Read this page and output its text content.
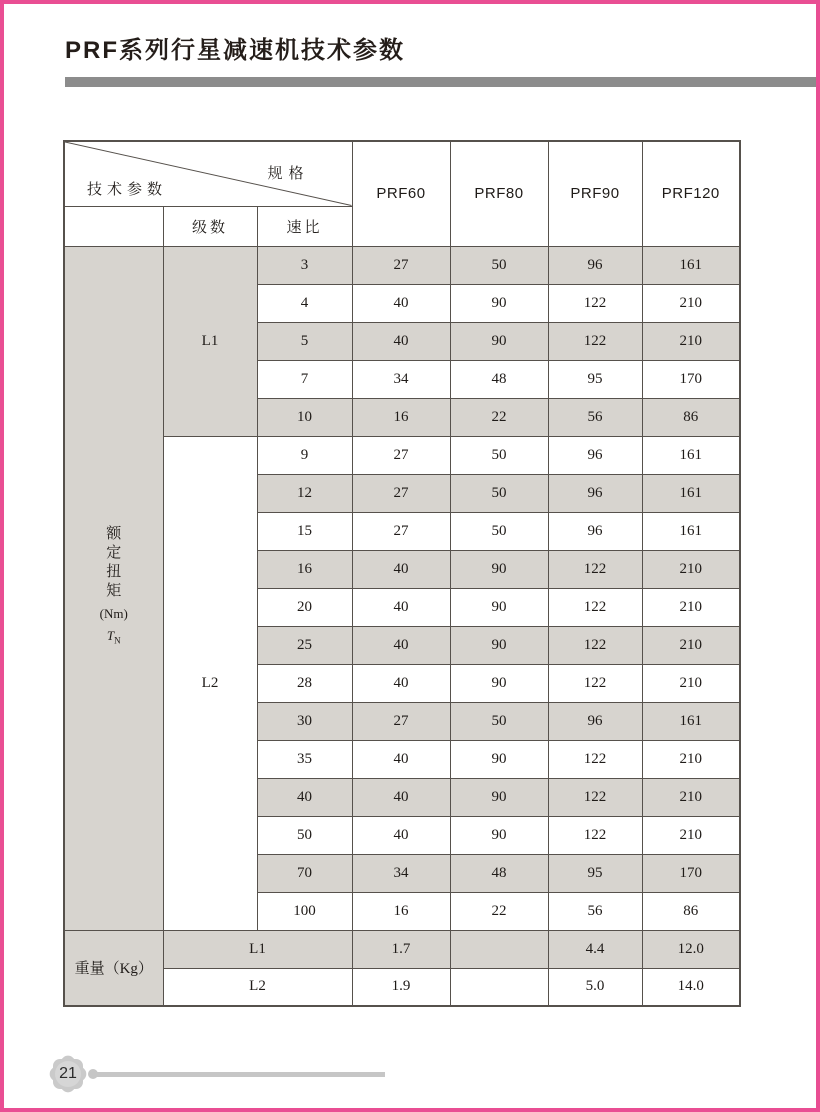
PRF系列行星减速机技术参数
规格
技术参数			PRF60	PRF80	PRF90	PRF120
	级数	速比				

额
定
扭
矩
(Nm)
$T_N$
	L1	3	27	50	96	161
		4	40	90	122	210
		5	40	90	122	210
		7	34	48	95	170
		10	16	22	56	86
	L2	9	27	50	96	161
		12	27	50	96	161
		15	27	50	96	161
		16	40	90	122	210
		20	40	90	122	210
		25	40	90	122	210
		28	40	90	122	210
		30	27	50	96	161
		35	40	90	122	210
		40	40	90	122	210
		50	40	90	122	210
		70	34	48	95	170
		100	16	22	56	86
重量（Kg）	L1		1.7		4.4	12.0
	L2		1.9		5.0	14.0
21
